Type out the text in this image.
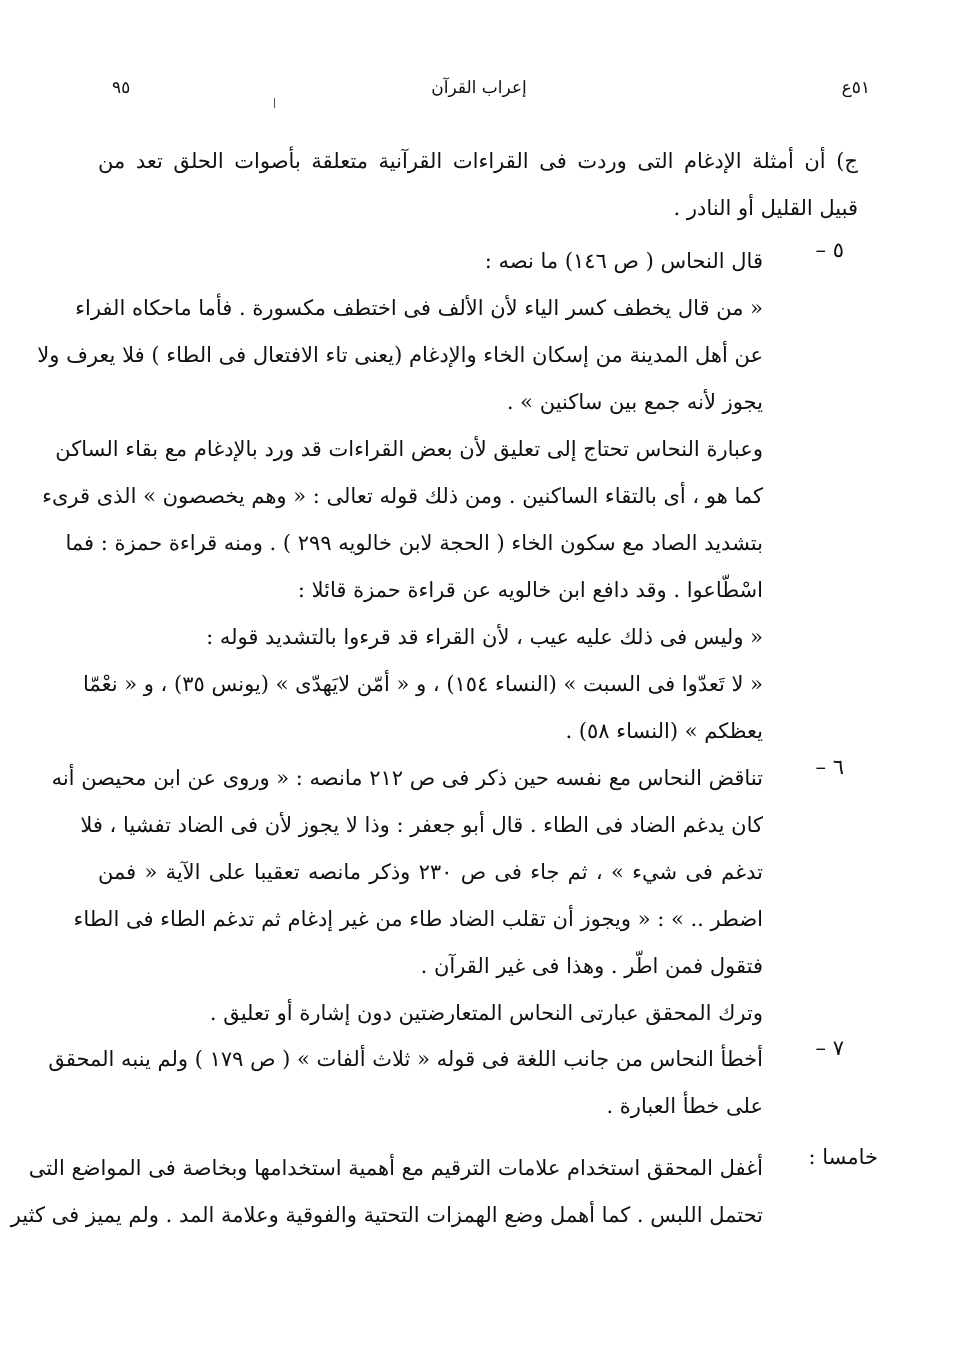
٥١ع
إعراب القرآن
٩٥
ج) أن أمثلة الإدغام التى وردت فى القراءات القرآنية متعلقة بأصوات الحلق تعد من
قبيل القليل أو النادر .
٥ –
قال النحاس ( ص ١٤٦) ما نصه :
« من قال يخطف كسر الياء لأن الألف فى اختطف مكسورة . فأما ماحكاه الفراء
عن أهل المدينة من إسكان الخاء والإدغام (يعنى تاء الافتعال فى الطاء ) فلا يعرف ولا
يجوز لأنه جمع بين ساكنين » .
وعبارة النحاس تحتاج إلى تعليق لأن بعض القراءات قد ورد بالإدغام مع بقاء الساكن
كما هو ، أى بالتقاء الساكنين . ومن ذلك قوله تعالى : « وهم يخصصون » الذى قرىء
بتشديد الصاد مع سكون الخاء ( الحجة لابن خالويه ٢٩٩ ) . ومنه قراءة حمزة : فما
اسْطّاعوا . وقد دافع ابن خالويه عن قراءة حمزة قائلا :
« وليس فى ذلك عليه عيب ، لأن القراء قد قرءوا بالتشديد قوله :
« لا تَعدّوا فى السبت » (النساء ١٥٤) ، و « أمّن لايَهدّى » (يونس ٣٥) ، و « نعْمّا
يعظكم » (النساء ٥٨) .
٦ –
تناقض النحاس مع نفسه حين ذكر فى ص ٢١٢ مانصه : « وروى عن ابن محيصن أنه
كان يدغم الضاد فى الطاء . قال أبو جعفر : وذا لا يجوز لأن فى الضاد تفشيا ، فلا
تدغم فى شيء » ، ثم جاء فى ص ٢٣٠ وذكر مانصه تعقيبا على الآية « فمن
اضطر .. » : « ويجوز أن تقلب الضاد طاء من غير إدغام ثم تدغم الطاء فى الطاء
فتقول فمن اطّر . وهذا فى غير القرآن .
وترك المحقق عبارتى النحاس المتعارضتين دون إشارة أو تعليق .
٧ –
أخطأ النحاس من جانب اللغة فى قوله « ثلاث ألفات » ( ص ١٧٩ ) ولم ينبه المحقق
على خطأ العبارة .
خامسا :
أغفل المحقق استخدام علامات الترقيم مع أهمية استخدامها وبخاصة فى المواضع التى
تحتمل اللبس . كما أهمل وضع الهمزات التحتية والفوقية وعلامة المد . ولم يميز فى كثير
